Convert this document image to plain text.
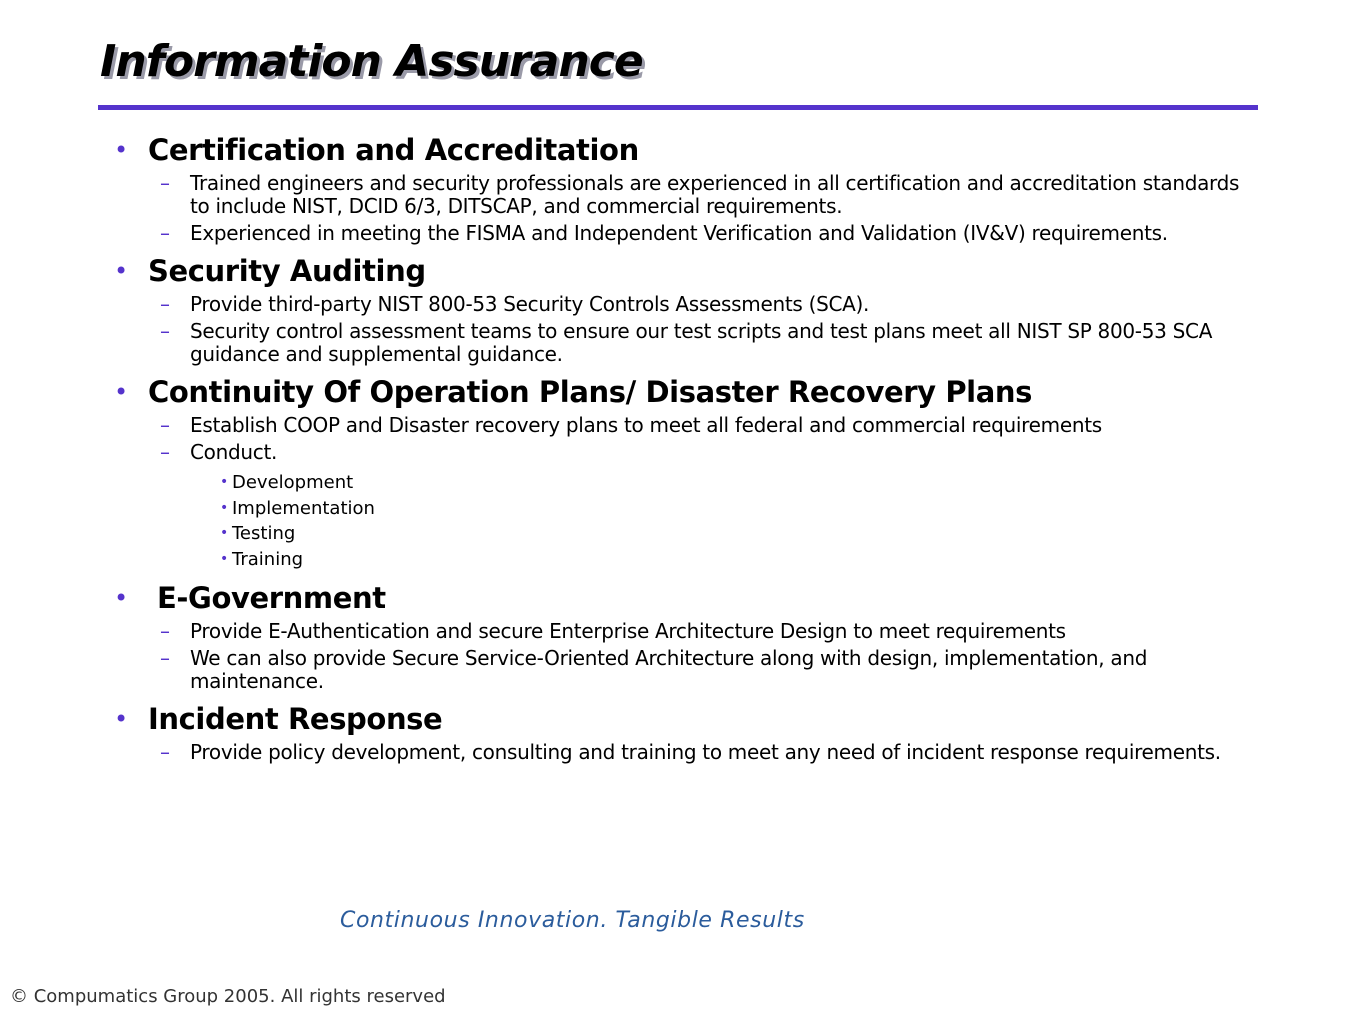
Information Assurance
• Certification and Accreditation
– Trained engineers and security professionals are experienced in all certification and accreditation standards to include NIST, DCID 6/3, DITSCAP, and commercial requirements.
– Experienced in meeting the FISMA and Independent Verification and Validation (IV&V) requirements.
• Security Auditing
– Provide third-party NIST 800-53 Security Controls Assessments (SCA).
– Security control assessment teams to ensure our test scripts and test plans meet all NIST SP 800-53 SCA guidance and supplemental guidance.
• Continuity Of Operation Plans/ Disaster Recovery Plans
– Establish COOP and Disaster recovery plans to meet all federal and commercial requirements
– Conduct.
• Development
• Implementation
• Testing
• Training
• E-Government
– Provide E-Authentication and secure Enterprise Architecture Design to meet requirements
– We can also provide Secure Service-Oriented Architecture along with design, implementation, and maintenance.
• Incident Response
– Provide policy development, consulting and training to meet any need of incident response requirements.

Continuous Innovation. Tangible Results

© Compumatics Group 2005. All rights reserved
